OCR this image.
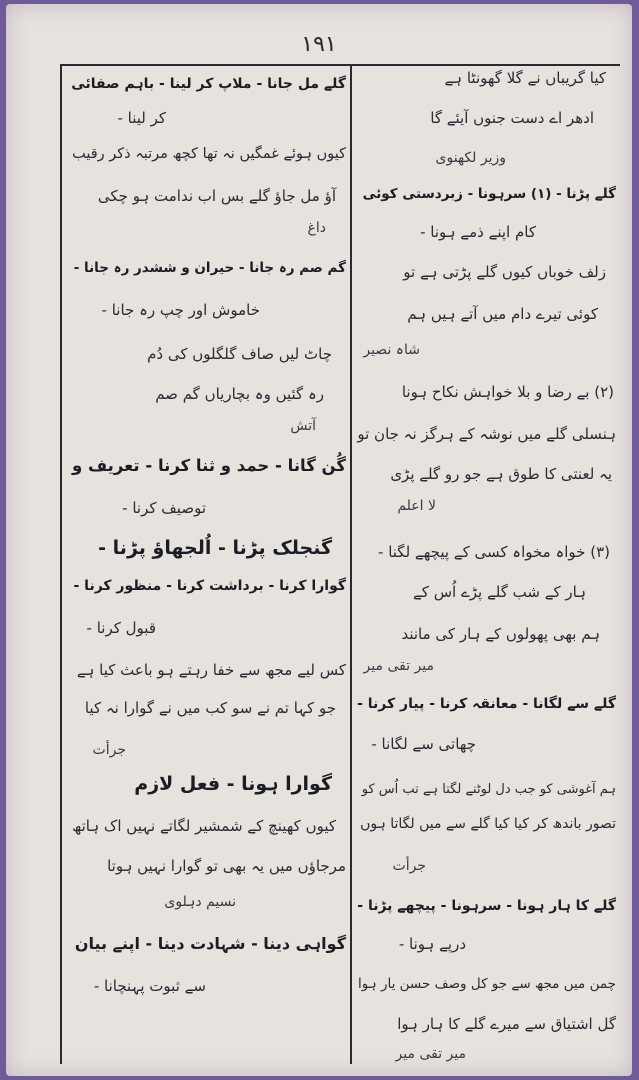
۱۹۱
کیا گریباں نے گلا گھونٹا ہے
ادھر اے دست جنوں آیئے گا
وزیر لکھنوی
گلے پڑنا - (۱) سرہونا - زبردستی کوئی
کام اپنے ذمے ہونا -
زلف خوباں کیوں گلے پڑتی ہے تو
کوئی تیرے دام میں آتے ہیں ہم
شاہ نصیر
(۲) بے رضا و بلا خواہش نکاح ہونا
ہنسلی گلے میں نوشہ کے ہرگز نہ جان تو
یہ لعنتی کا طوق ہے جو رو گلے پڑی
لا اعلم
(۳) خواہ مخواہ کسی کے پیچھے لگنا -
ہار کے شب گلے پڑے اُس کے
ہم بھی پھولوں کے ہار کی مانند
میر تقی میر
گلے سے لگانا - معانقہ کرنا - پیار کرنا -
چھاتی سے لگانا -
ہم آغوشی کو جب دل لوٹنے لگتا ہے تب اُس کو
تصور باندھ کر کیا کیا گلے سے میں لگاتا ہوں
جرأت
گلے کا ہار ہونا - سرہونا - پیچھے پڑنا -
درپے ہونا -
چمن میں مجھ سے جو کل وصف حسن یار ہوا
گل اشتیاق سے میرے گلے کا ہار ہوا
میر تقی میر
گلے مل جانا - ملاپ کر لینا - باہم صفائی
کر لینا -
کیوں ہوئے غمگیں نہ تھا کچھ مرتبہ ذکر رقیب
آؤ مل جاؤ گلے بس اب ندامت ہو چکی
داغ
گم صم رہ جانا - حیران و ششدر رہ جانا -
خاموش اور چپ رہ جانا -
چاٹ لیں صاف گلگلوں کی دُم
رہ گئیں وہ بچاریاں گم صم
آتش
گُن گانا - حمد و ثنا کرنا - تعریف و
توصیف کرنا -
گنجلک پڑنا - اُلجھاؤ پڑنا -
گوارا کرنا - برداشت کرنا - منظور کرنا -
قبول کرنا -
کس لیے مجھ سے خفا رہتے ہو باعث کیا ہے
جو کہا تم نے سو کب میں نے گوارا نہ کیا
جرأت
گوارا ہونا - فعل لازم
کیوں کھینچ کے شمشیر لگاتے نہیں اک ہاتھ
مرجاؤں میں یہ بھی تو گوارا نہیں ہوتا
نسیم دہلوی
گواہی دینا - شہادت دینا - اپنے بیان
سے ثبوت پہنچانا -
